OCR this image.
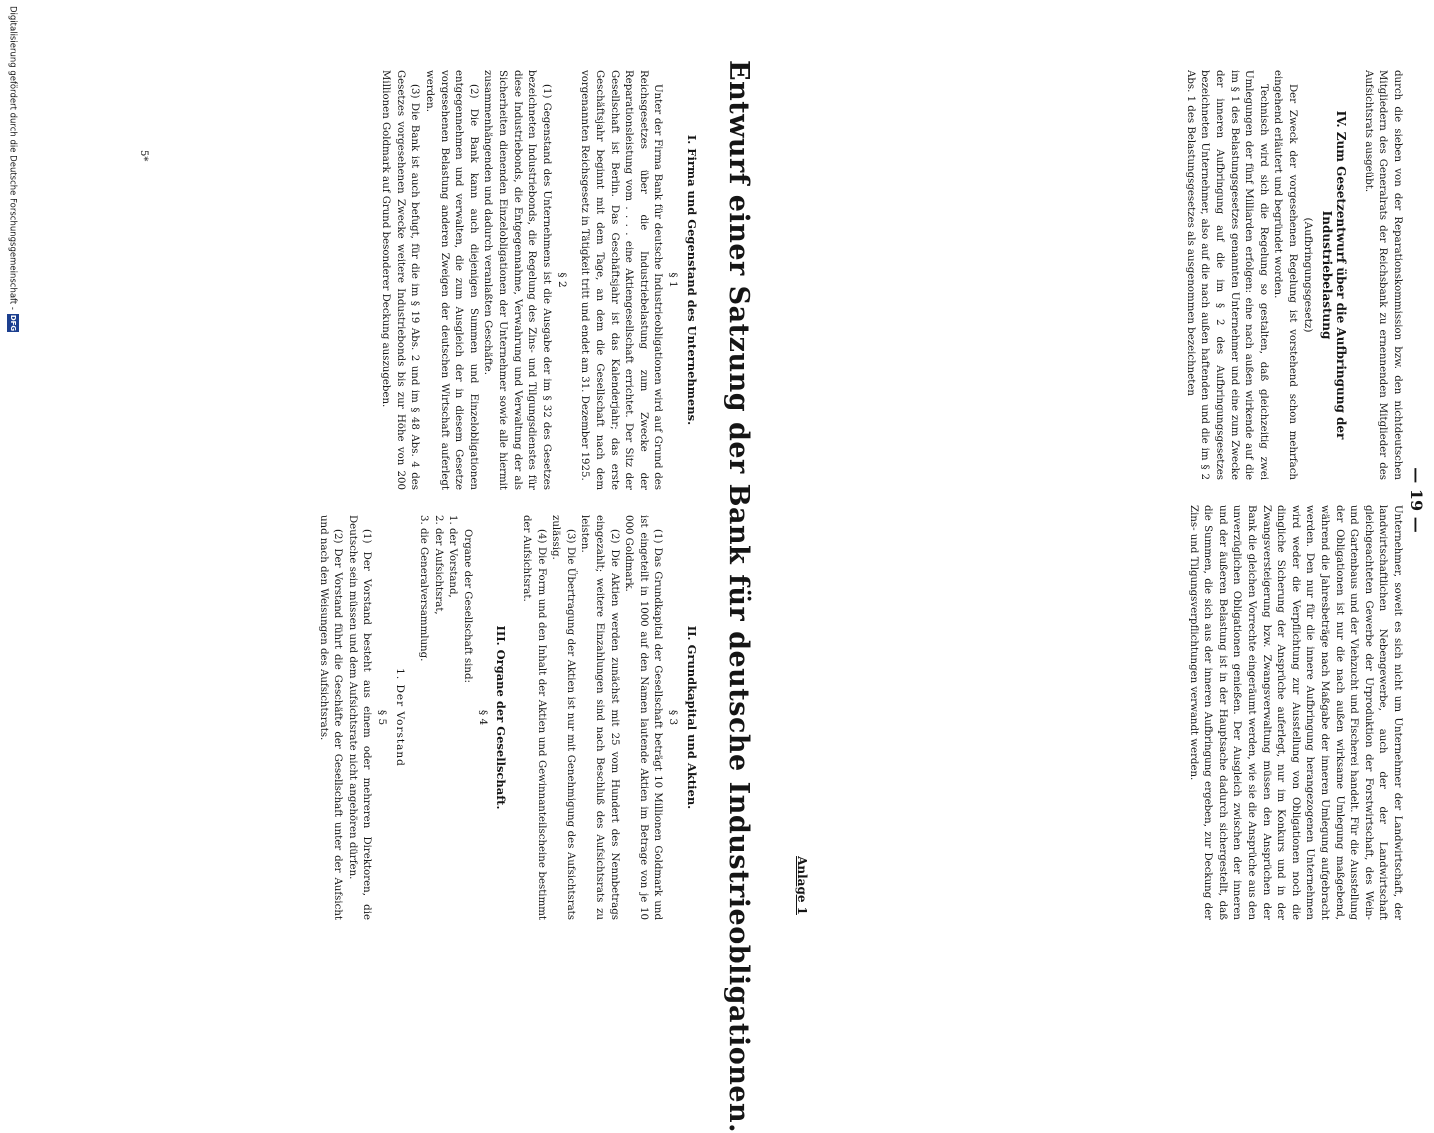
— 19 —

durch die sieben von der Reparationskommission bzw. den nichtdeutschen Mitgliedern des Generalrats der Reichsbank zu ernennenden Mitglieder des Aufsichtsrats ausgeübt.

IV. Zum Gesetzentwurf über die Aufbringung der Industriebelastung
(Aufbringungsgesetz)

Der Zweck der vorgesehenen Regelung ist vorstehend schon mehrfach eingehend erläutert und begründet worden.

Technisch wird sich die Regelung so gestalten, daß gleichzeitig zwei Umlegungen der fünf Milliarden erfolgen: eine nach außen wirkende auf die im § 1 des Belastungsgesetzes genannten Unternehmer und eine zum Zwecke der inneren Aufbringung auf die im § 2 des Aufbringungsgesetzes bezeichneten Unternehmer, also auf die nach außen haftenden und die im § 2 Abs. 1 des Belastungsgesetzes als ausgenommen bezeichneten

Unternehmer, soweit es sich nicht um Unternehmer der Landwirtschaft, der landwirtschaftlichen Nebengewerbe, auch der der Landwirtschaft gleichgeachteten Gewerbe der Urproduktion der Forstwirtschaft, des Wein- und Gartenbaus und der Viehzucht und Fischerei handelt. Für die Ausstellung der Obligationen ist nur die nach außen wirksame Umlegung maßgebend, während die Jahresbeträge nach Maßgabe der inneren Umlegung aufgebracht werden. Den nur für die innere Aufbringung herangezogenen Unternehmen wird weder die Verpflichtung zur Ausstellung von Obligationen noch die dingliche Sicherung der Ansprüche auferlegt, nur im Konkurs und in der Zwangsversteigerung bzw. Zwangsverwaltung müssen den Ansprüchen der Bank die gleichen Vorrechte eingeräumt werden, wie sie die Ansprüche aus den unverzüglichen Obligationen genießen. Der Ausgleich zwischen der inneren und der äußeren Belastung ist in der Hauptsache dadurch sichergestellt, daß die Summen, die sich aus der inneren Aufbringung ergeben, zur Deckung der Zins- und Tilgungsverpflichtungen verwandt werden.

Anlage 1
Entwurf einer Satzung der Bank für deutsche Industrieobligationen.
I. Firma und Gegenstand des Unternehmens.
§ 1

Unter der Firma Bank für deutsche Industrieobligationen wird auf Grund des Reichsgesetzes über die Industriebelastung zum Zwecke der Reparationsleistung vom . . . . eine Aktiengesellschaft errichtet. Der Sitz der Gesellschaft ist Berlin. Das Geschäftsjahr ist das Kalenderjahr; das erste Geschäftsjahr beginnt mit dem Tage, an dem die Gesellschaft nach dem vorgenannten Reichsgesetz in Tätigkeit tritt und endet am 31. Dezember 1925.

§ 2

(1) Gegenstand des Unternehmens ist die Ausgabe der im § 32 des Gesetzes bezeichneten Industriebonds, die Regelung des Zins- und Tilgungsdienstes für diese Industriebonds, die Entgegennahme, Verwahrung und Verwaltung der als Sicherheiten dienenden Einzelobligationen der Unternehmer sowie alle hiermit zusammenhängenden und dadurch veranlaßten Geschäfte.

(2) Die Bank kann auch diejenigen Summen und Einzelobligationen entgegennehmen und verwalten, die zum Ausgleich der in diesem Gesetze vorgesehenen Belastung anderen Zweigen der deutschen Wirtschaft auferlegt werden.

(3) Die Bank ist auch befugt, für die im § 19 Abs. 2 und im § 48 Abs. 4 des Gesetzes vorgesehenen Zwecke weitere Industriebonds bis zur Höhe von 200 Millionen Goldmark auf Grund besonderer Deckung auszugeben.

II. Grundkapital und Aktien.
§ 3

(1) Das Grundkapital der Gesellschaft beträgt 10 Millionen Goldmark und ist eingeteilt in 1000 auf den Namen lautende Aktien im Betrage von je 10 000 Goldmark.

(2) Die Aktien werden zunächst mit 25 vom Hundert des Nennbetrags eingezahlt; weitere Einzahlungen sind nach Beschluß des Aufsichtsrats zu leisten.

(3) Die Übertragung der Aktien ist nur mit Genehmigung des Aufsichtsrats zulässig.

(4) Die Form und den Inhalt der Aktien und Gewinnanteilscheine bestimmt der Aufsichtsrat.

III. Organe der Gesellschaft.
§ 4

Organe der Gesellschaft sind:

1. der Vorstand,
2. der Aufsichtsrat,
3. die Generalversammlung.
1. Der Vorstand
§ 5

(1) Der Vorstand besteht aus einem oder mehreren Direktoren, die Deutsche sein müssen und dem Aufsichtsrate nicht angehören dürfen.

(2) Der Vorstand führt die Geschäfte der Gesellschaft unter der Aufsicht und nach den Weisungen des Aufsichtsrats.

5*
Digitalisierung gefördert durch die Deutsche Forschungsgemeinschaft -DFG
